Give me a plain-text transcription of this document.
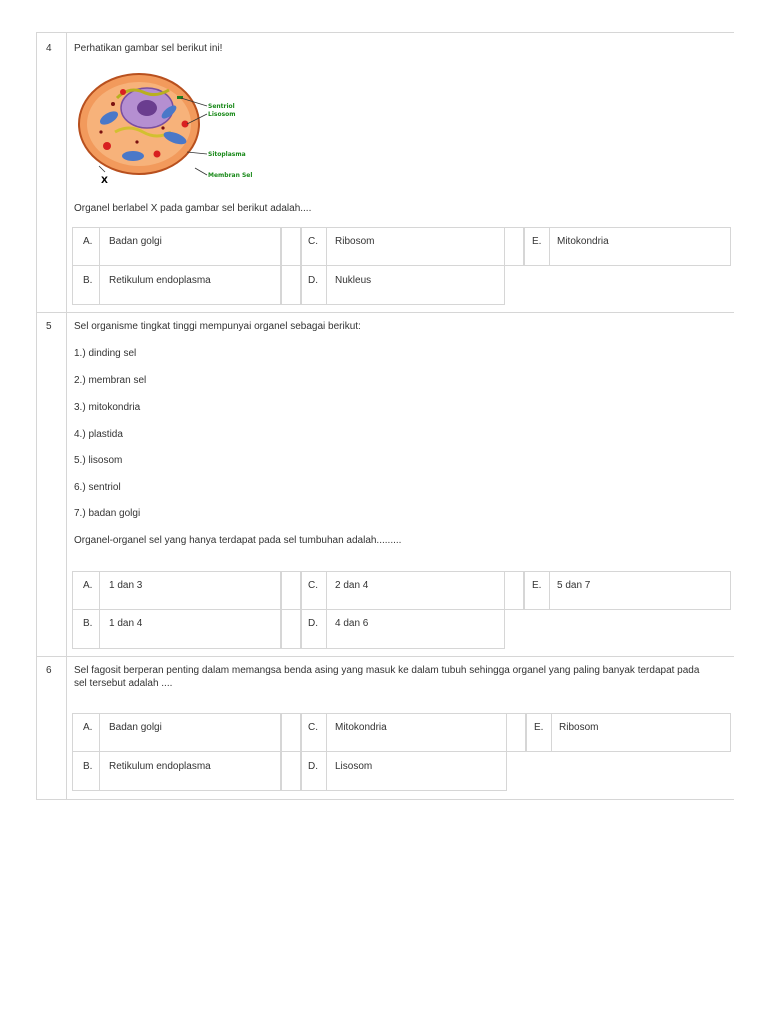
4 Perhatikan gambar sel berikut ini!
Sentriol
Lisosom
Sitoplasma
Membran Sel
X
Organel berlabel X pada gambar sel berikut adalah....
A. Badan golgi
B. Retikulum endoplasma
C. Ribosom
D. Nukleus
E. Mitokondria
5 Sel organisme tingkat tinggi mempunyai organel sebagai berikut:
1.) dinding sel
2.) membran sel
3.) mitokondria
4.) plastida
5.) lisosom
6.) sentriol
7.) badan golgi
Organel-organel sel yang hanya terdapat pada sel tumbuhan adalah.........
A. 1 dan 3
B. 1 dan 4
C. 2 dan 4
D. 4 dan 6
E. 5 dan 7
6 Sel fagosit berperan penting dalam memangsa benda asing yang masuk ke dalam tubuh sehingga organel yang paling banyak terdapat pada
sel tersebut adalah ....
A. Badan golgi
B. Retikulum endoplasma
C. Mitokondria
D. Lisosom
E. Ribosom
